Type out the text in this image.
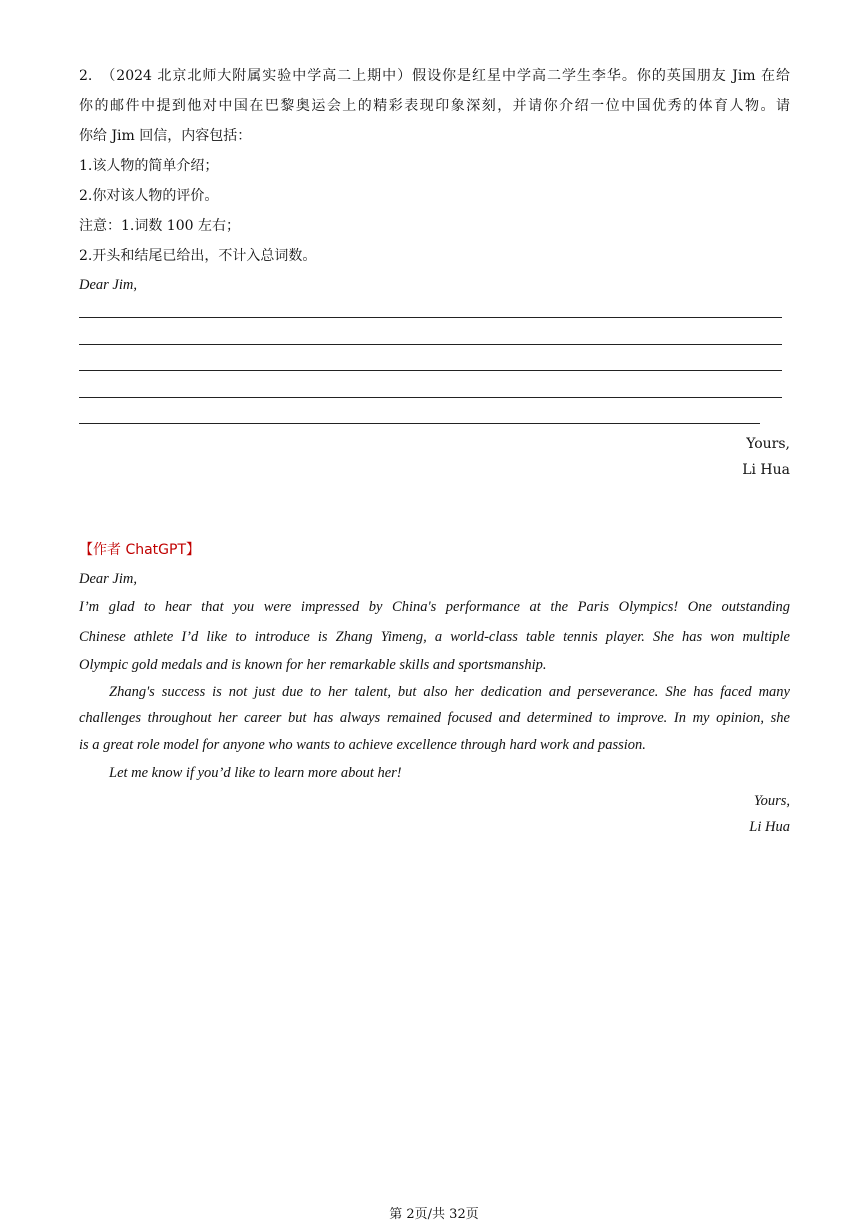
2.　（2024 北京北师大附属实验中学高二上期中）假设你是红星中学高二学生李华。你的英国朋友 Jim 在给
你的邮件中提到他对中国在巴黎奥运会上的精彩表现印象深刻，并请你介绍一位中国优秀的体育人物。请
你给 Jim 回信，内容包括：
1.该人物的简单介绍；
2.你对该人物的评价。
注意：1.词数 100 左右；
2.开头和结尾已给出，不计入总词数。
Dear Jim,
Yours,
Li Hua
【作者 ChatGPT】
Dear Jim,
I’m glad to hear that you were impressed by China's performance at the Paris Olympics! One outstanding
Chinese athlete I’d like to introduce is Zhang Yimeng, a world-class table tennis player. She has won multiple
Olympic gold medals and is known for her remarkable skills and sportsmanship.
Zhang's success is not just due to her talent, but also her dedication and perseverance. She has faced many
challenges throughout her career but has always remained focused and determined to improve. In my opinion, she
is a great role model for anyone who wants to achieve excellence through hard work and passion.
Let me know if you’d like to learn more about her!
Yours,
Li Hua
第 2页/共 32页
